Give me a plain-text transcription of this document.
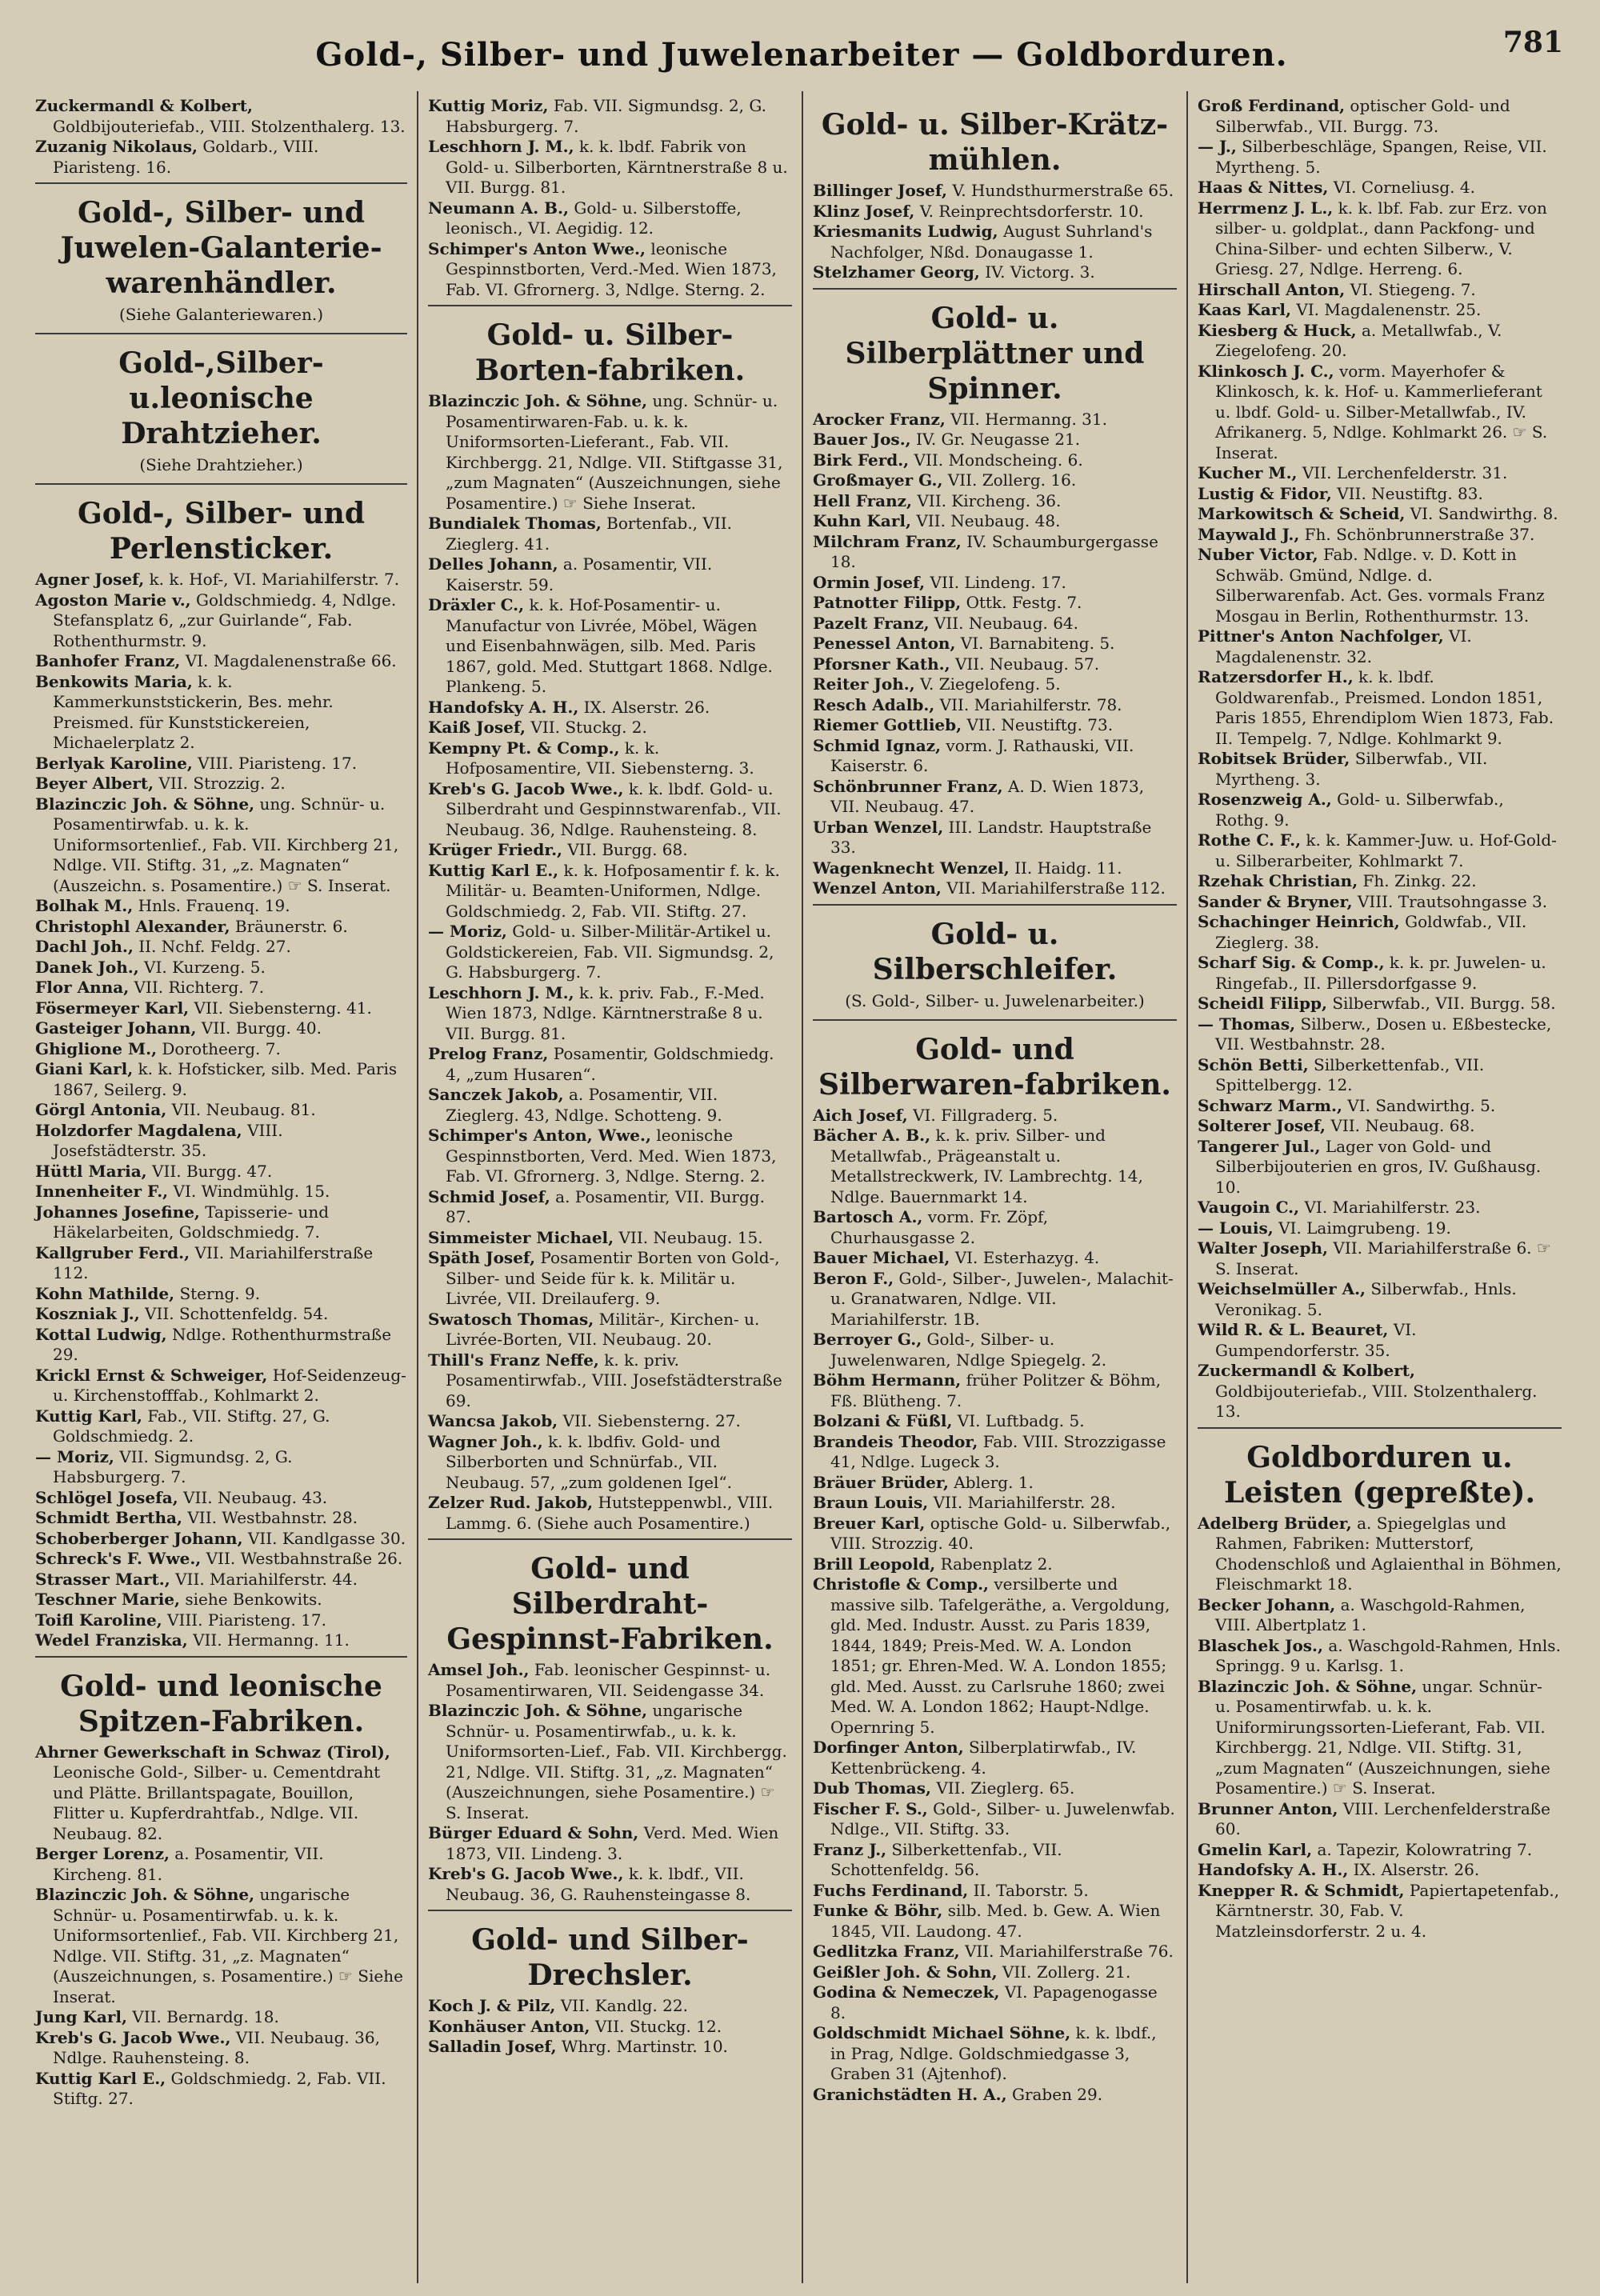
Gold-, Silber- und Juwelenarbeiter — Goldborduren.	781

Zuckermandl & Kolbert, Goldbijouteriefab., VIII. Stolzenthalerg. 13.

Zuzanig Nikolaus, Goldarb., VIII. Piaristeng. 16.

Gold-, Silber- und Juwelen-Galanterie-warenhändler.
(Siehe Galanteriewaren.)
Gold-,Silber-u.leonische Drahtzieher.
(Siehe Drahtzieher.)
Gold-, Silber- und Perlensticker.

Agner Josef, k. k. Hof-, VI. Mariahilferstr. 7.

Agoston Marie v., Goldschmiedg. 4, Ndlge. Stefansplatz 6, „zur Guirlande“, Fab. Rothenthurmstr. 9.

Banhofer Franz, VI. Magdalenenstraße 66.

Benkowits Maria, k. k. Kammerkunststickerin, Bes. mehr. Preismed. für Kunststickereien, Michaelerplatz 2.

Berlyak Karoline, VIII. Piaristeng. 17.

Beyer Albert, VII. Strozzig. 2.

Blazinczic Joh. & Söhne, ung. Schnür- u. Posamentirwfab. u. k. k. Uniformsortenlief., Fab. VII. Kirchberg 21, Ndlge. VII. Stiftg. 31, „z. Magnaten“ (Auszeichn. s. Posamentire.) ☞ S. Inserat.

Bolhak M., Hnls. Frauenq. 19.

Christophl Alexander, Bräunerstr. 6.

Dachl Joh., II. Nchf. Feldg. 27.

Danek Joh., VI. Kurzeng. 5.

Flor Anna, VII. Richterg. 7.

Fösermeyer Karl, VII. Siebensterng. 41.

Gasteiger Johann, VII. Burgg. 40.

Ghiglione M., Dorotheerg. 7.

Giani Karl, k. k. Hofsticker, silb. Med. Paris 1867, Seilerg. 9.

Görgl Antonia, VII. Neubaug. 81.

Holzdorfer Magdalena, VIII. Josefstädterstr. 35.

Hüttl Maria, VII. Burgg. 47.

Innenheiter F., VI. Windmühlg. 15.

Johannes Josefine, Tapisserie- und Häkelarbeiten, Goldschmiedg. 7.

Kallgruber Ferd., VII. Mariahilferstraße 112.

Kohn Mathilde, Sterng. 9.

Koszniak J., VII. Schottenfeldg. 54.

Kottal Ludwig, Ndlge. Rothenthurmstraße 29.

Krickl Ernst & Schweiger, Hof-Seidenzeug- u. Kirchenstofffab., Kohlmarkt 2.

Kuttig Karl, Fab., VII. Stiftg. 27, G. Goldschmiedg. 2.

— Moriz, VII. Sigmundsg. 2, G. Habsburgerg. 7.

Schlögel Josefa, VII. Neubaug. 43.

Schmidt Bertha, VII. Westbahnstr. 28.

Schoberberger Johann, VII. Kandlgasse 30.

Schreck's F. Wwe., VII. Westbahnstraße 26.

Strasser Mart., VII. Mariahilferstr. 44.

Teschner Marie, siehe Benkowits.

Toifl Karoline, VIII. Piaristeng. 17.

Wedel Franziska, VII. Hermanng. 11.

Gold- und leonische Spitzen-Fabriken.

Ahrner Gewerkschaft in Schwaz (Tirol), Leonische Gold-, Silber- u. Cementdraht und Plätte. Brillantspagate, Bouillon, Flitter u. Kupferdrahtfab., Ndlge. VII. Neubaug. 82.

Berger Lorenz, a. Posamentir, VII. Kircheng. 81.

Blazinczic Joh. & Söhne, ungarische Schnür- u. Posamentirwfab. u. k. k. Uniformsortenlief., Fab. VII. Kirchberg 21, Ndlge. VII. Stiftg. 31, „z. Magnaten“ (Auszeichnungen, s. Posamentire.) ☞ Siehe Inserat.

Jung Karl, VII. Bernardg. 18.

Kreb's G. Jacob Wwe., VII. Neubaug. 36, Ndlge. Rauhensteing. 8.

Kuttig Karl E., Goldschmiedg. 2, Fab. VII. Stiftg. 27.

Kuttig Moriz, Fab. VII. Sigmundsg. 2, G. Habsburgerg. 7.

Leschhorn J. M., k. k. lbdf. Fabrik von Gold- u. Silberborten, Kärntnerstraße 8 u. VII. Burgg. 81.

Neumann A. B., Gold- u. Silberstoffe, leonisch., VI. Aegidig. 12.

Schimper's Anton Wwe., leonische Gespinnstborten, Verd.-Med. Wien 1873, Fab. VI. Gfrornerg. 3, Ndlge. Sterng. 2.

Gold- u. Silber-Borten-fabriken.

Blazinczic Joh. & Söhne, ung. Schnür- u. Posamentirwaren-Fab. u. k. k. Uniformsorten-Lieferant., Fab. VII. Kirchbergg. 21, Ndlge. VII. Stiftgasse 31, „zum Magnaten“ (Auszeichnungen, siehe Posamentire.) ☞ Siehe Inserat.

Bundialek Thomas, Bortenfab., VII. Zieglerg. 41.

Delles Johann, a. Posamentir, VII. Kaiserstr. 59.

Dräxler C., k. k. Hof-Posamentir- u. Manufactur von Livrée, Möbel, Wägen und Eisenbahnwägen, silb. Med. Paris 1867, gold. Med. Stuttgart 1868. Ndlge. Plankeng. 5.

Handofsky A. H., IX. Alserstr. 26.

Kaiß Josef, VII. Stuckg. 2.

Kempny Pt. & Comp., k. k. Hofposamentire, VII. Siebensterng. 3.

Kreb's G. Jacob Wwe., k. k. lbdf. Gold- u. Silberdraht und Gespinnstwarenfab., VII. Neubaug. 36, Ndlge. Rauhensteing. 8.

Krüger Friedr., VII. Burgg. 68.

Kuttig Karl E., k. k. Hofposamentir f. k. k. Militär- u. Beamten-Uniformen, Ndlge. Goldschmiedg. 2, Fab. VII. Stiftg. 27.

— Moriz, Gold- u. Silber-Militär-Artikel u. Goldstickereien, Fab. VII. Sigmundsg. 2, G. Habsburgerg. 7.

Leschhorn J. M., k. k. priv. Fab., F.-Med. Wien 1873, Ndlge. Kärntnerstraße 8 u. VII. Burgg. 81.

Prelog Franz, Posamentir, Goldschmiedg. 4, „zum Husaren“.

Sanczek Jakob, a. Posamentir, VII. Zieglerg. 43, Ndlge. Schotteng. 9.

Schimper's Anton, Wwe., leonische Gespinnstborten, Verd. Med. Wien 1873, Fab. VI. Gfrornerg. 3, Ndlge. Sterng. 2.

Schmid Josef, a. Posamentir, VII. Burgg. 87.

Simmeister Michael, VII. Neubaug. 15.

Späth Josef, Posamentir Borten von Gold-, Silber- und Seide für k. k. Militär u. Livrée, VII. Dreilauferg. 9.

Swatosch Thomas, Militär-, Kirchen- u. Livrée-Borten, VII. Neubaug. 20.

Thill's Franz Neffe, k. k. priv. Posamentirwfab., VIII. Josefstädterstraße 69.

Wancsa Jakob, VII. Siebensterng. 27.

Wagner Joh., k. k. lbdfiv. Gold- und Silberborten und Schnürfab., VII. Neubaug. 57, „zum goldenen Igel“.

Zelzer Rud. Jakob, Hutsteppenwbl., VIII. Lammg. 6. (Siehe auch Posamentire.)

Gold- und Silberdraht-Gespinnst-Fabriken.

Amsel Joh., Fab. leonischer Gespinnst- u. Posamentirwaren, VII. Seidengasse 34.

Blazinczic Joh. & Söhne, ungarische Schnür- u. Posamentirwfab., u. k. k. Uniformsorten-Lief., Fab. VII. Kirchbergg. 21, Ndlge. VII. Stiftg. 31, „z. Magnaten“ (Auszeichnungen, siehe Posamentire.) ☞ S. Inserat.

Bürger Eduard & Sohn, Verd. Med. Wien 1873, VII. Lindeng. 3.

Kreb's G. Jacob Wwe., k. k. lbdf., VII. Neubaug. 36, G. Rauhensteingasse 8.

Gold- und Silber-Drechsler.

Koch J. & Pilz, VII. Kandlg. 22.

Konhäuser Anton, VII. Stuckg. 12.

Salladin Josef, Whrg. Martinstr. 10.

Gold- u. Silber-Krätz-mühlen.

Billinger Josef, V. Hundsthurmerstraße 65.

Klinz Josef, V. Reinprechtsdorferstr. 10.

Kriesmanits Ludwig, August Suhrland's Nachfolger, Nßd. Donaugasse 1.

Stelzhamer Georg, IV. Victorg. 3.

Gold- u. Silberplättner und Spinner.

Arocker Franz, VII. Hermanng. 31.

Bauer Jos., IV. Gr. Neugasse 21.

Birk Ferd., VII. Mondscheing. 6.

Großmayer G., VII. Zollerg. 16.

Hell Franz, VII. Kircheng. 36.

Kuhn Karl, VII. Neubaug. 48.

Milchram Franz, IV. Schaumburgergasse 18.

Ormin Josef, VII. Lindeng. 17.

Patnotter Filipp, Ottk. Festg. 7.

Pazelt Franz, VII. Neubaug. 64.

Penessel Anton, VI. Barnabiteng. 5.

Pforsner Kath., VII. Neubaug. 57.

Reiter Joh., V. Ziegelofeng. 5.

Resch Adalb., VII. Mariahilferstr. 78.

Riemer Gottlieb, VII. Neustiftg. 73.

Schmid Ignaz, vorm. J. Rathauski, VII. Kaiserstr. 6.

Schönbrunner Franz, A. D. Wien 1873, VII. Neubaug. 47.

Urban Wenzel, III. Landstr. Hauptstraße 33.

Wagenknecht Wenzel, II. Haidg. 11.

Wenzel Anton, VII. Mariahilferstraße 112.

Gold- u. Silberschleifer.
(S. Gold-, Silber- u. Juwelenarbeiter.)
Gold- und Silberwaren-fabriken.

Aich Josef, VI. Fillgraderg. 5.

Bächer A. B., k. k. priv. Silber- und Metallwfab., Prägeanstalt u. Metallstreckwerk, IV. Lambrechtg. 14, Ndlge. Bauernmarkt 14.

Bartosch A., vorm. Fr. Zöpf, Churhausgasse 2.

Bauer Michael, VI. Esterhazyg. 4.

Beron F., Gold-, Silber-, Juwelen-, Malachit- u. Granatwaren, Ndlge. VII. Mariahilferstr. 1B.

Berroyer G., Gold-, Silber- u. Juwelenwaren, Ndlge Spiegelg. 2.

Böhm Hermann, früher Politzer & Böhm, Fß. Blütheng. 7.

Bolzani & Füßl, VI. Luftbadg. 5.

Brandeis Theodor, Fab. VIII. Strozzigasse 41, Ndlge. Lugeck 3.

Bräuer Brüder, Ablerg. 1.

Braun Louis, VII. Mariahilferstr. 28.

Breuer Karl, optische Gold- u. Silberwfab., VIII. Strozzig. 40.

Brill Leopold, Rabenplatz 2.

Christofle & Comp., versilberte und massive silb. Tafelgeräthe, a. Vergoldung, gld. Med. Industr. Ausst. zu Paris 1839, 1844, 1849; Preis-Med. W. A. London 1851; gr. Ehren-Med. W. A. London 1855; gld. Med. Ausst. zu Carlsruhe 1860; zwei Med. W. A. London 1862; Haupt-Ndlge. Opernring 5.

Dorfinger Anton, Silberplatirwfab., IV. Kettenbrückeng. 4.

Dub Thomas, VII. Zieglerg. 65.

Fischer F. S., Gold-, Silber- u. Juwelenwfab. Ndlge., VII. Stiftg. 33.

Franz J., Silberkettenfab., VII. Schottenfeldg. 56.

Fuchs Ferdinand, II. Taborstr. 5.

Funke & Böhr, silb. Med. b. Gew. A. Wien 1845, VII. Laudong. 47.

Gedlitzka Franz, VII. Mariahilferstraße 76.

Geißler Joh. & Sohn, VII. Zollerg. 21.

Godina & Nemeczek, VI. Papagenogasse 8.

Goldschmidt Michael Söhne, k. k. lbdf., in Prag, Ndlge. Goldschmiedgasse 3, Graben 31 (Ajtenhof).

Granichstädten H. A., Graben 29.

Groß Ferdinand, optischer Gold- und Silberwfab., VII. Burgg. 73.

— J., Silberbeschläge, Spangen, Reise, VII. Myrtheng. 5.

Haas & Nittes, VI. Corneliusg. 4.

Herrmenz J. L., k. k. lbf. Fab. zur Erz. von silber- u. goldplat., dann Packfong- und China-Silber- und echten Silberw., V. Griesg. 27, Ndlge. Herreng. 6.

Hirschall Anton, VI. Stiegeng. 7.

Kaas Karl, VI. Magdalenenstr. 25.

Kiesberg & Huck, a. Metallwfab., V. Ziegelofeng. 20.

Klinkosch J. C., vorm. Mayerhofer & Klinkosch, k. k. Hof- u. Kammerlieferant u. lbdf. Gold- u. Silber-Metallwfab., IV. Afrikanerg. 5, Ndlge. Kohlmarkt 26. ☞ S. Inserat.

Kucher M., VII. Lerchenfelderstr. 31.

Lustig & Fidor, VII. Neustiftg. 83.

Markowitsch & Scheid, VI. Sandwirthg. 8.

Maywald J., Fh. Schönbrunnerstraße 37.

Nuber Victor, Fab. Ndlge. v. D. Kott in Schwäb. Gmünd, Ndlge. d. Silberwarenfab. Act. Ges. vormals Franz Mosgau in Berlin, Rothenthurmstr. 13.

Pittner's Anton Nachfolger, VI. Magdalenenstr. 32.

Ratzersdorfer H., k. k. lbdf. Goldwarenfab., Preismed. London 1851, Paris 1855, Ehrendiplom Wien 1873, Fab. II. Tempelg. 7, Ndlge. Kohlmarkt 9.

Robitsek Brüder, Silberwfab., VII. Myrtheng. 3.

Rosenzweig A., Gold- u. Silberwfab., Rothg. 9.

Rothe C. F., k. k. Kammer-Juw. u. Hof-Gold- u. Silberarbeiter, Kohlmarkt 7.

Rzehak Christian, Fh. Zinkg. 22.

Sander & Bryner, VIII. Trautsohngasse 3.

Schachinger Heinrich, Goldwfab., VII. Zieglerg. 38.

Scharf Sig. & Comp., k. k. pr. Juwelen- u. Ringefab., II. Pillersdorfgasse 9.

Scheidl Filipp, Silberwfab., VII. Burgg. 58.

— Thomas, Silberw., Dosen u. Eßbestecke, VII. Westbahnstr. 28.

Schön Betti, Silberkettenfab., VII. Spittelbergg. 12.

Schwarz Marm., VI. Sandwirthg. 5.

Solterer Josef, VII. Neubaug. 68.

Tangerer Jul., Lager von Gold- und Silberbijouterien en gros, IV. Gußhausg. 10.

Vaugoin C., VI. Mariahilferstr. 23.

— Louis, VI. Laimgrubeng. 19.

Walter Joseph, VII. Mariahilferstraße 6. ☞ S. Inserat.

Weichselmüller A., Silberwfab., Hnls. Veronikag. 5.

Wild R. & L. Beauret, VI. Gumpendorferstr. 35.

Zuckermandl & Kolbert, Goldbijouteriefab., VIII. Stolzenthalerg. 13.

Goldborduren u. Leisten (gepreßte).

Adelberg Brüder, a. Spiegelglas und Rahmen, Fabriken: Mutterstorf, Chodenschloß und Aglaienthal in Böhmen, Fleischmarkt 18.

Becker Johann, a. Waschgold-Rahmen, VIII. Albertplatz 1.

Blaschek Jos., a. Waschgold-Rahmen, Hnls. Springg. 9 u. Karlsg. 1.

Blazinczic Joh. & Söhne, ungar. Schnür- u. Posamentirwfab. u. k. k. Uniformirungssorten-Lieferant, Fab. VII. Kirchbergg. 21, Ndlge. VII. Stiftg. 31, „zum Magnaten“ (Auszeichnungen, siehe Posamentire.) ☞ S. Inserat.

Brunner Anton, VIII. Lerchenfelderstraße 60.

Gmelin Karl, a. Tapezir, Kolowratring 7.

Handofsky A. H., IX. Alserstr. 26.

Knepper R. & Schmidt, Papiertapetenfab., Kärntnerstr. 30, Fab. V. Matzleinsdorferstr. 2 u. 4.
